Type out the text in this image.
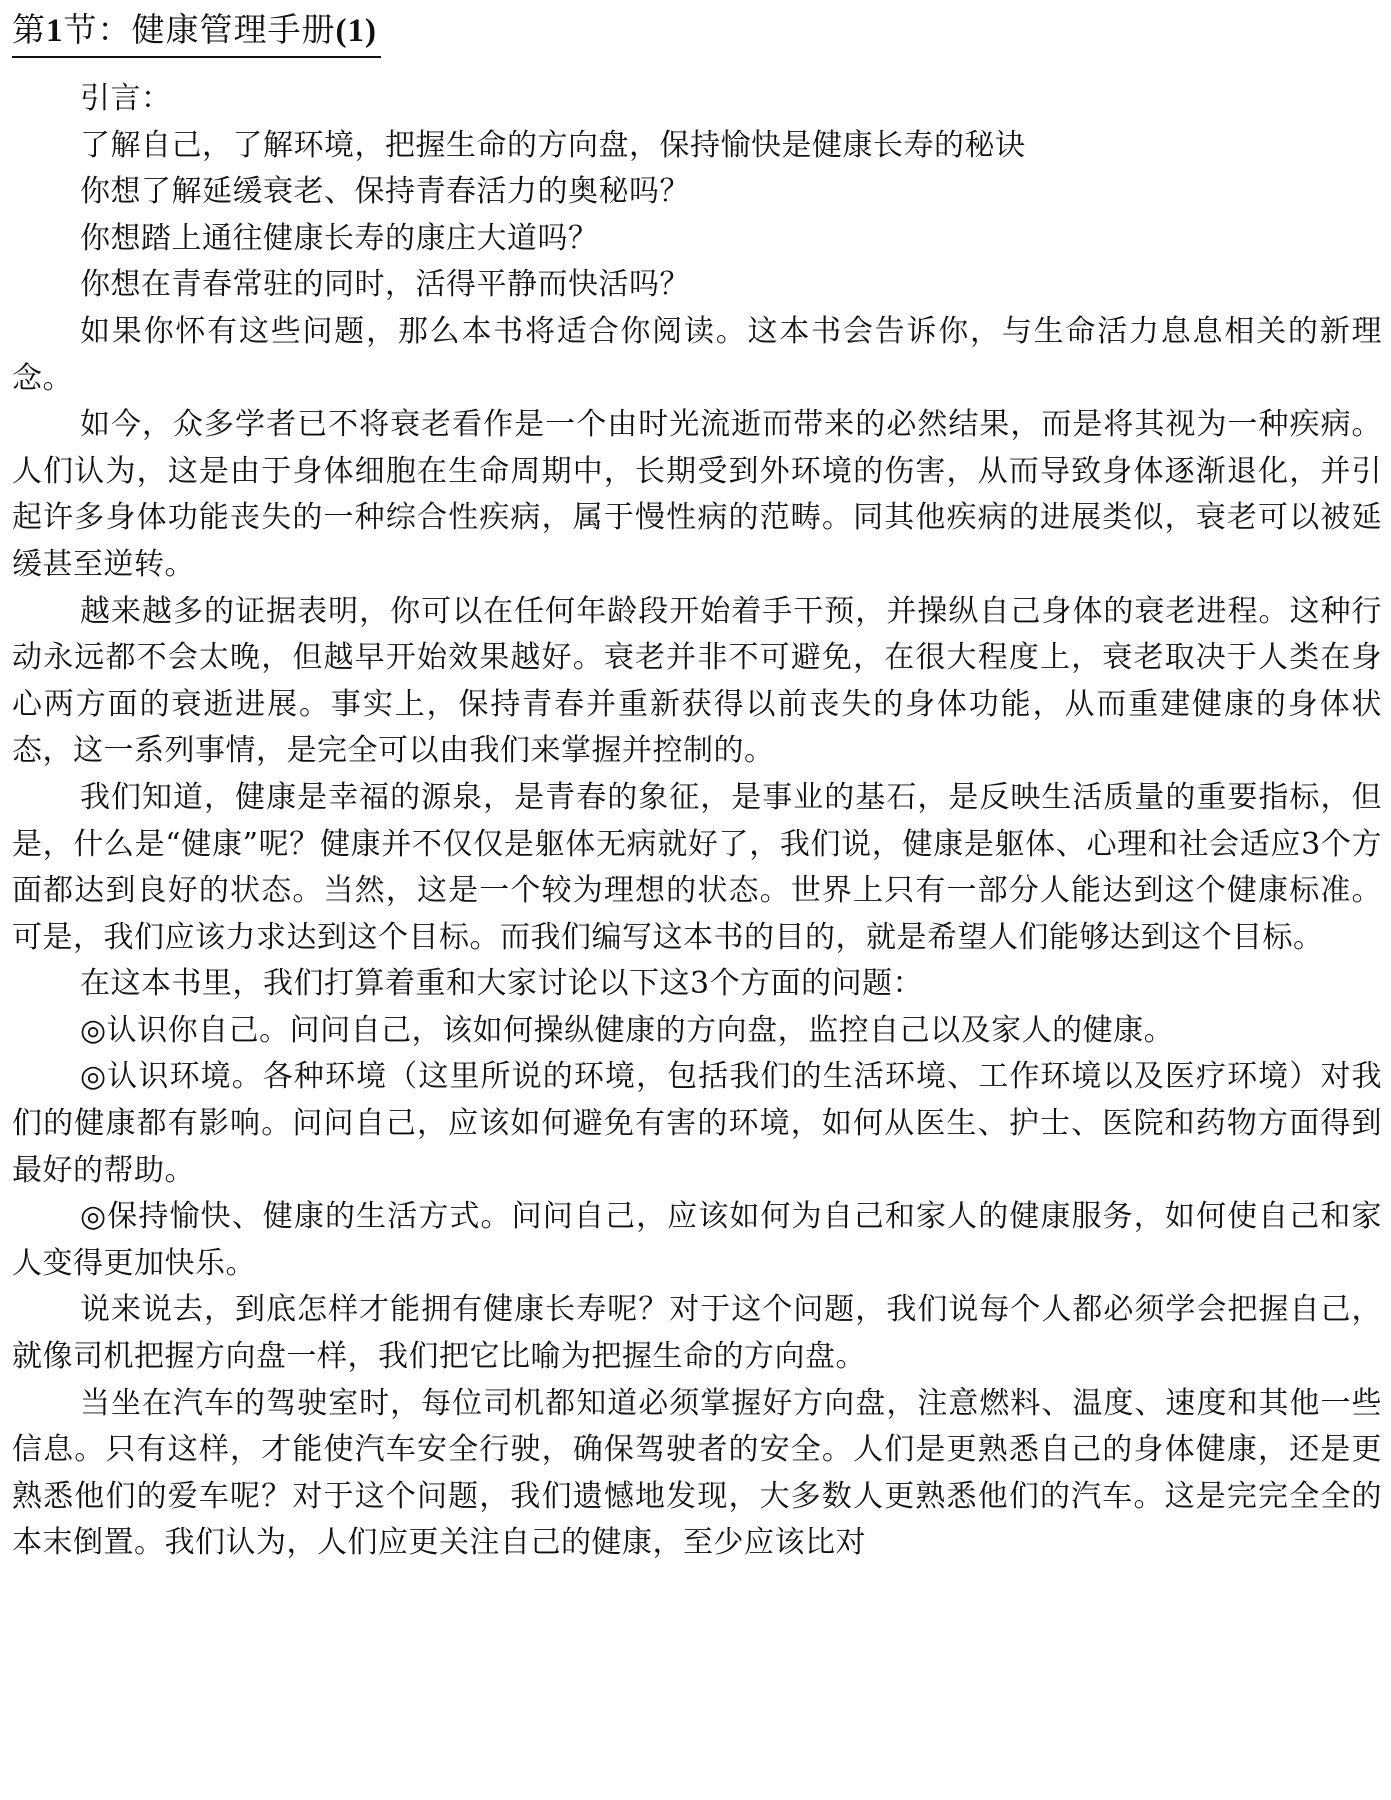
第1节：健康管理手册(1)

引言：

了解自己，了解环境，把握生命的方向盘，保持愉快是健康长寿的秘诀

你想了解延缓衰老、保持青春活力的奥秘吗？

你想踏上通往健康长寿的康庄大道吗？

你想在青春常驻的同时，活得平静而快活吗？

如果你怀有这些问题，那么本书将适合你阅读。这本书会告诉你，与生命活力息息相关的新理念。

如今，众多学者已不将衰老看作是一个由时光流逝而带来的必然结果，而是将其视为一种疾病。人们认为，这是由于身体细胞在生命周期中，长期受到外环境的伤害，从而导致身体逐渐退化，并引起许多身体功能丧失的一种综合性疾病，属于慢性病的范畴。同其他疾病的进展类似，衰老可以被延缓甚至逆转。

越来越多的证据表明，你可以在任何年龄段开始着手干预，并操纵自己身体的衰老进程。这种行动永远都不会太晚，但越早开始效果越好。衰老并非不可避免，在很大程度上，衰老取决于人类在身心两方面的衰逝进展。事实上，保持青春并重新获得以前丧失的身体功能，从而重建健康的身体状态，这一系列事情，是完全可以由我们来掌握并控制的。

我们知道，健康是幸福的源泉，是青春的象征，是事业的基石，是反映生活质量的重要指标，但是，什么是“健康”呢？健康并不仅仅是躯体无病就好了，我们说，健康是躯体、心理和社会适应3个方面都达到良好的状态。当然，这是一个较为理想的状态。世界上只有一部分人能达到这个健康标准。可是，我们应该力求达到这个目标。而我们编写这本书的目的，就是希望人们能够达到这个目标。

在这本书里，我们打算着重和大家讨论以下这3个方面的问题：

◎认识你自己。问问自己，该如何操纵健康的方向盘，监控自己以及家人的健康。

◎认识环境。各种环境（这里所说的环境，包括我们的生活环境、工作环境以及医疗环境）对我们的健康都有影响。问问自己，应该如何避免有害的环境，如何从医生、护士、医院和药物方面得到最好的帮助。

◎保持愉快、健康的生活方式。问问自己，应该如何为自己和家人的健康服务，如何使自己和家人变得更加快乐。

说来说去，到底怎样才能拥有健康长寿呢？对于这个问题，我们说每个人都必须学会把握自己，就像司机把握方向盘一样，我们把它比喻为把握生命的方向盘。

当坐在汽车的驾驶室时，每位司机都知道必须掌握好方向盘，注意燃料、温度、速度和其他一些信息。只有这样，才能使汽车安全行驶，确保驾驶者的安全。人们是更熟悉自己的身体健康，还是更熟悉他们的爱车呢？对于这个问题，我们遗憾地发现，大多数人更熟悉他们的汽车。这是完完全全的本末倒置。我们认为，人们应更关注自己的健康，至少应该比对
